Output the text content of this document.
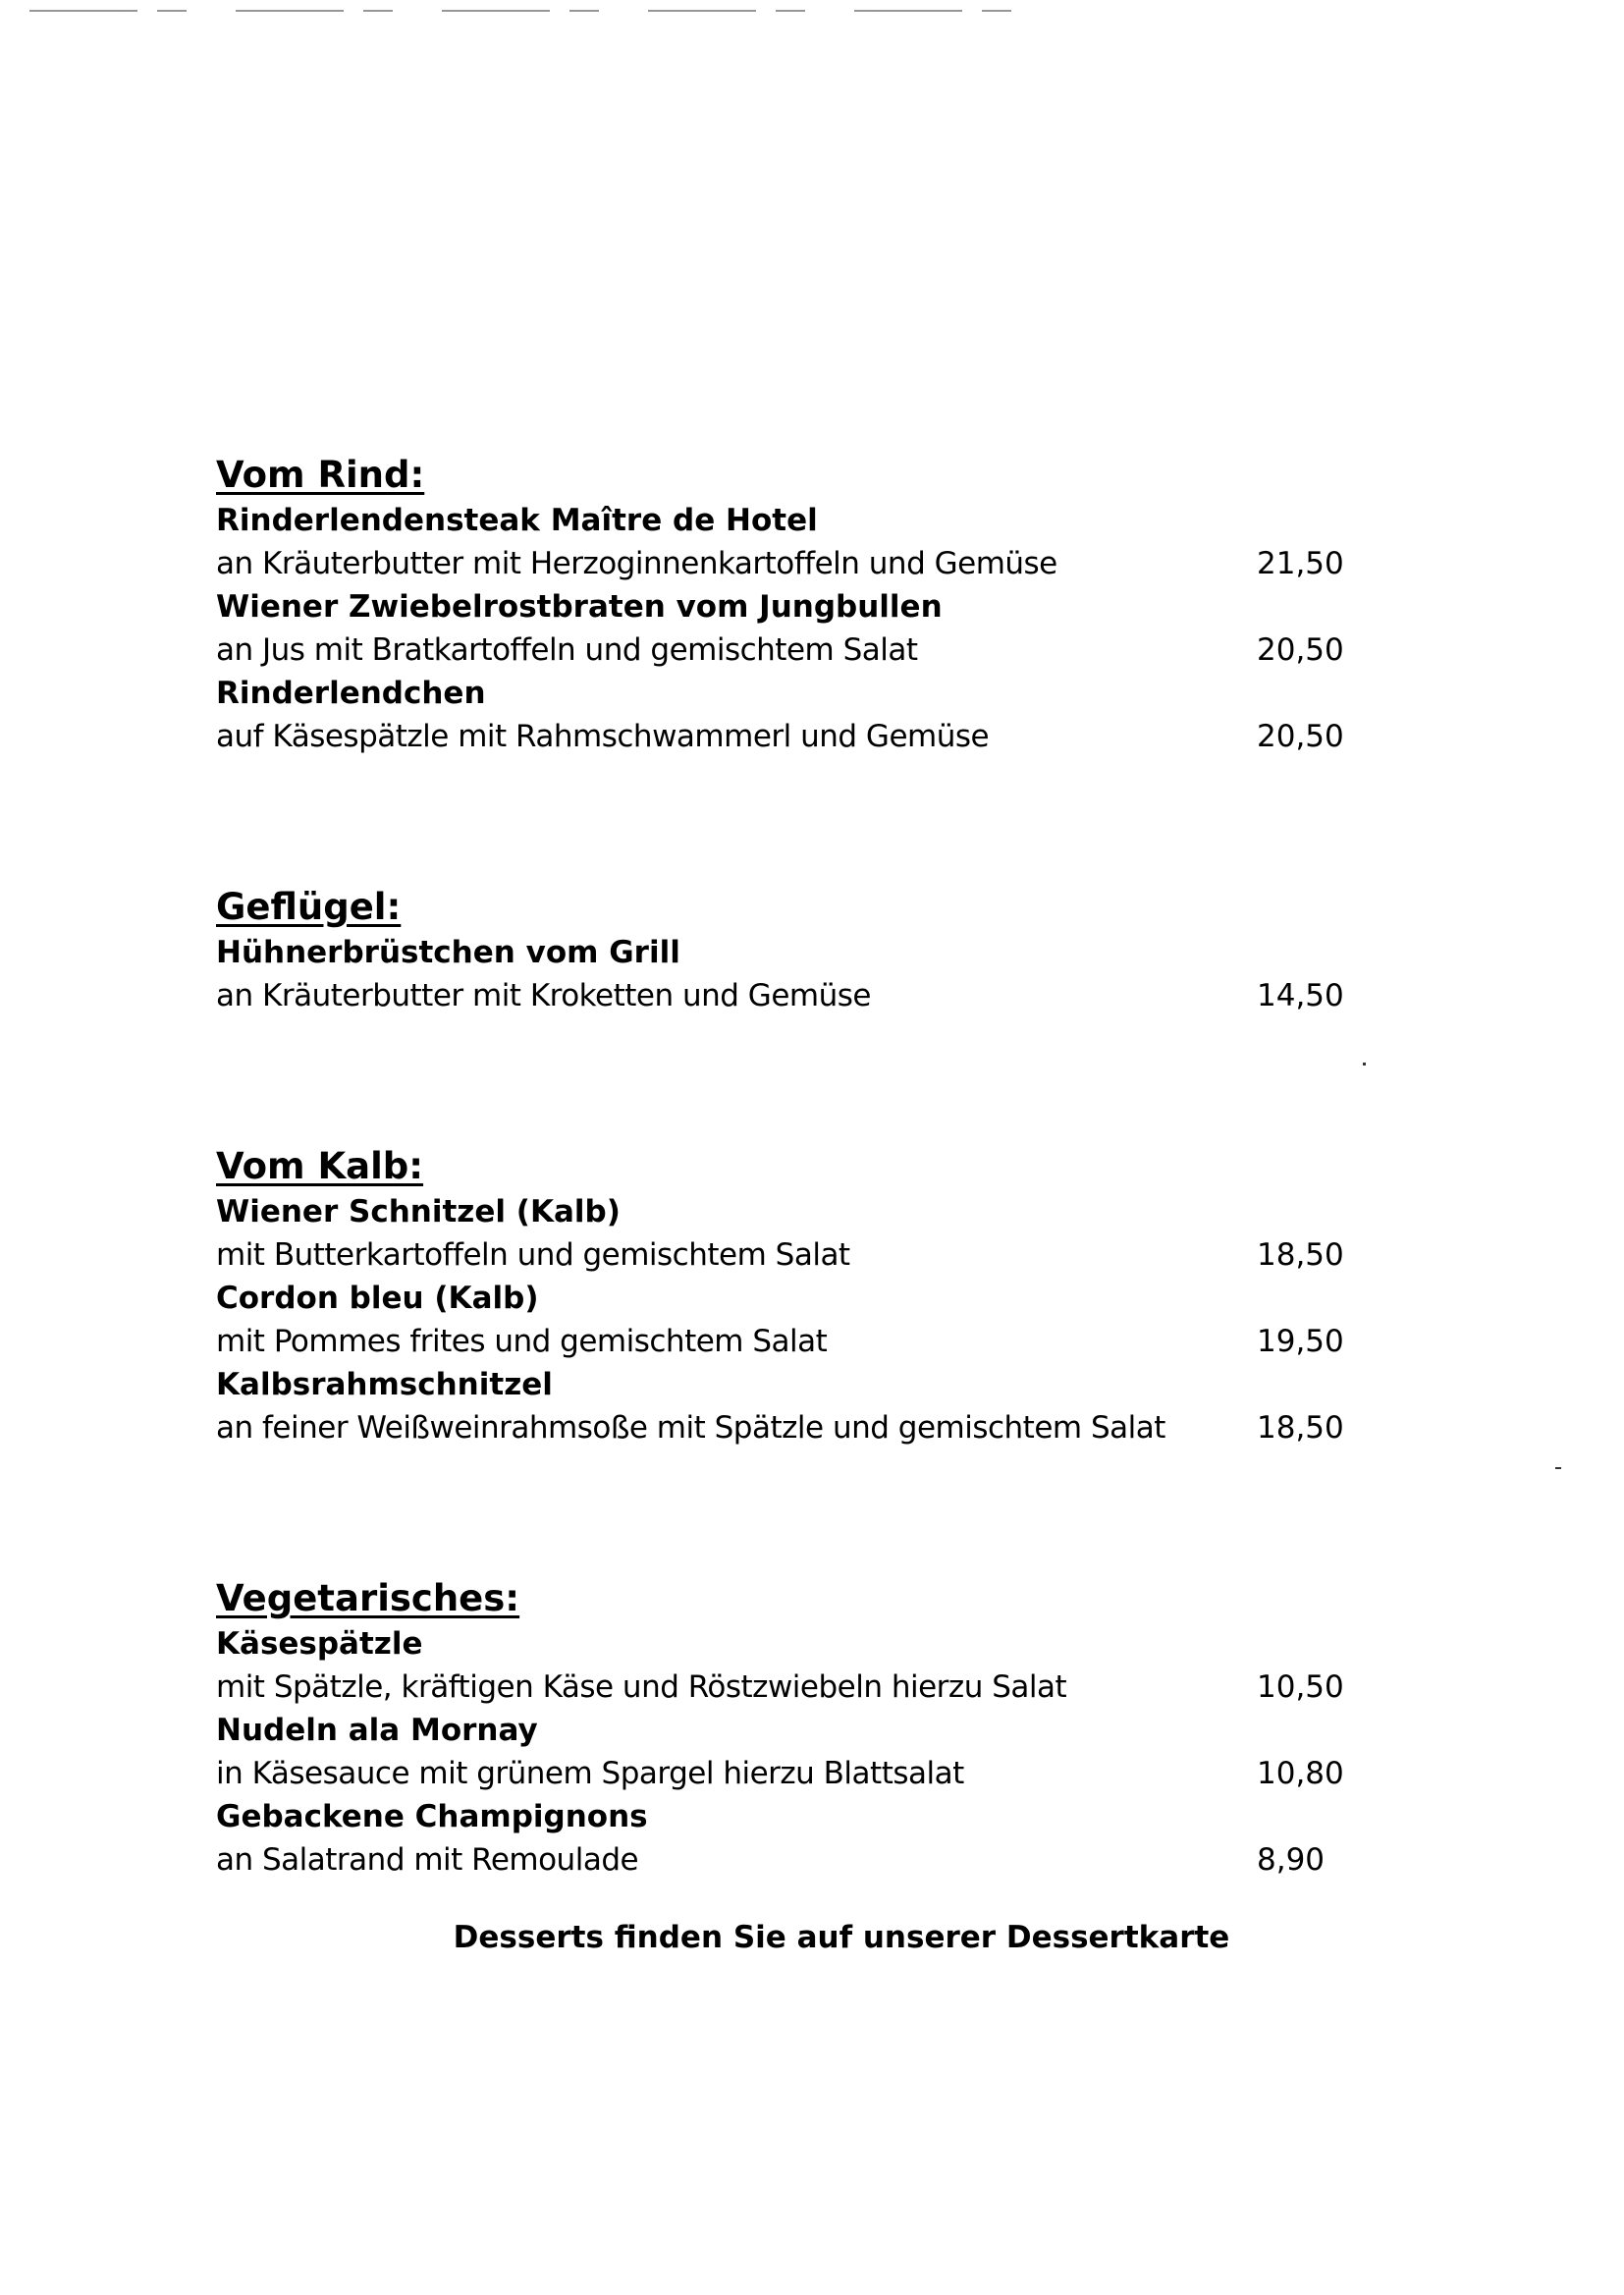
Vom Rind:

Rinderlendensteak Maître de Hotel

an Kräuterbutter mit Herzoginnenkartoffeln und Gemüse	21,50

Wiener Zwiebelrostbraten vom Jungbullen

an Jus mit Bratkartoffeln und gemischtem Salat	20,50

Rinderlendchen

auf Käsespätzle mit Rahmschwammerl und Gemüse	20,50
Geflügel:

Hühnerbrüstchen vom Grill

an Kräuterbutter mit Kroketten und Gemüse	14,50
Vom Kalb:

Wiener Schnitzel (Kalb)

mit Butterkartoffeln und gemischtem Salat	18,50

Cordon bleu (Kalb)

mit Pommes frites und gemischtem Salat	19,50

Kalbsrahmschnitzel

an feiner Weißweinrahmsoße mit Spätzle und gemischtem Salat	18,50
Vegetarisches:

Käsespätzle

mit Spätzle, kräftigen Käse und Röstzwiebeln hierzu Salat	10,50

Nudeln ala Mornay

in Käsesauce mit grünem Spargel hierzu Blattsalat	10,80

Gebackene Champignons

an Salatrand mit Remoulade	8,90
Desserts finden Sie auf unserer Dessertkarte
